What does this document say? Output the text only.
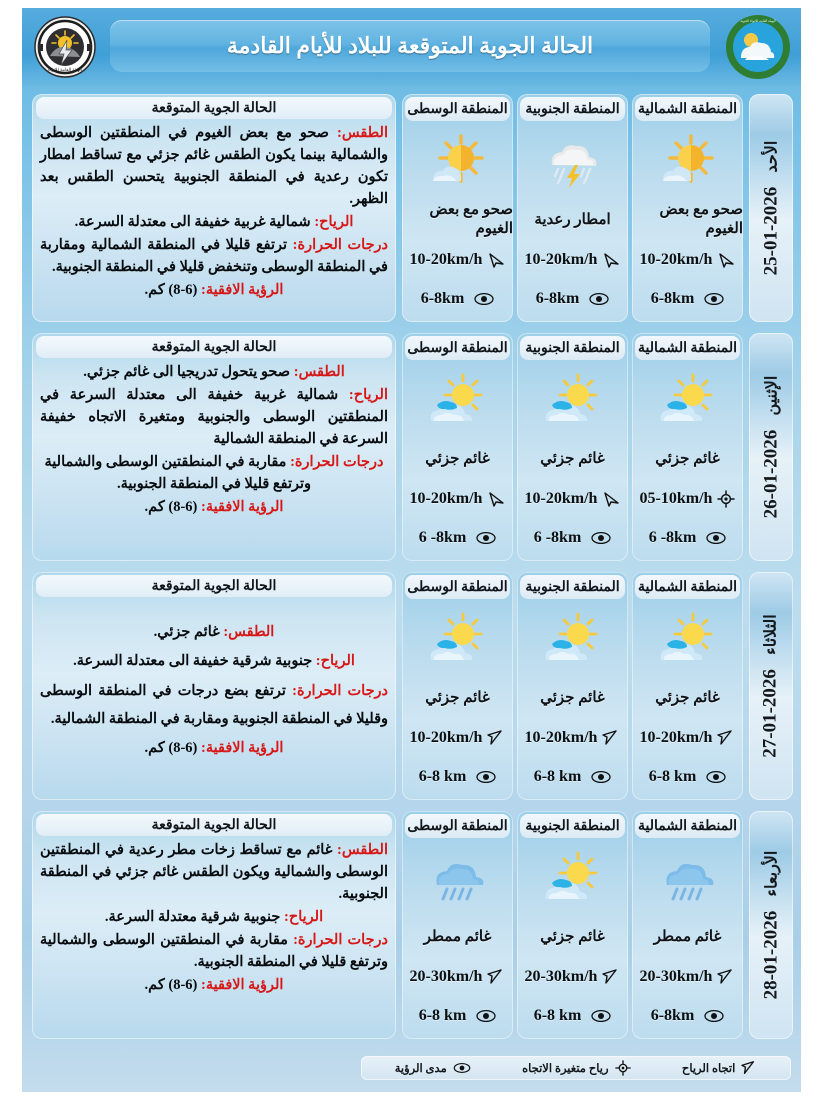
الهيئة العامة للانواء
الحالة الجوية المتوقعة للبلاد للأيام القادمة
الهيئة العامة للانواء الجوية
الأحد   2026-01-25
المنطقة الشمالية
صحو مع بعض الغيوم
10-20km/h
6-8km
المنطقة الجنوبية
امطار رعدية
10-20km/h
6-8km
المنطقة الوسطى
صحو مع بعض الغيوم
10-20km/h
6-8km
الحالة الجوية المتوقعة

الطقس: صحو مع بعض الغيوم في المنطقتين الوسطى والشمالية بينما يكون الطقس غائم جزئي مع تساقط امطار تكون رعدية في المنطقة الجنوبية يتحسن الطقس بعد الظهر.

الرياح: شمالية غربية خفيفة الى معتدلة السرعة.

درجات الحرارة: ترتفع قليلا في المنطقة الشمالية ومقاربة في المنطقة الوسطى وتنخفض قليلا في المنطقة الجنوبية.

الرؤية الافقية: (6-8) كم.

الإثنين   2026-01-26
المنطقة الشمالية
غائم جزئي
05-10km/h
6 -8km
المنطقة الجنوبية
غائم جزئي
10-20km/h
6 -8km
المنطقة الوسطى
غائم جزئي
10-20km/h
6 -8km
الحالة الجوية المتوقعة

الطقس: صحو يتحول تدريجيا الى غائم جزئي.

الرياح: شمالية غربية خفيفة الى معتدلة السرعة في المنطقتين الوسطى والجنوبية ومتغيرة الاتجاه خفيفة السرعة في المنطقة الشمالية

درجات الحرارة: مقاربة في المنطقتين الوسطى والشمالية وترتفع قليلا في المنطقة الجنوبية.

الرؤية الافقية: (6-8) كم.

الثلاثاء   2026-01-27
المنطقة الشمالية
غائم جزئي
10-20km/h
6-8 km
المنطقة الجنوبية
غائم جزئي
10-20km/h
6-8 km
المنطقة الوسطى
غائم جزئي
10-20km/h
6-8 km
الحالة الجوية المتوقعة

الطقس: غائم جزئي.

الرياح: جنوبية شرقية خفيفة الى معتدلة السرعة.

درجات الحرارة: ترتفع بضع درجات في المنطقة الوسطى وقليلا في المنطقة الجنوبية ومقاربة في المنطقة الشمالية.

الرؤية الافقية: (6-8) كم.

الأربعاء   2026-01-28
المنطقة الشمالية
غائم ممطر
20-30km/h
6-8km
المنطقة الجنوبية
غائم جزئي
20-30km/h
6-8 km
المنطقة الوسطى
غائم ممطر
20-30km/h
6-8 km
الحالة الجوية المتوقعة

الطقس: غائم مع تساقط زخات مطر رعدية في المنطقتين الوسطى والشمالية ويكون الطقس غائم جزئي في المنطقة الجنوبية.

الرياح: جنوبية شرقية معتدلة السرعة.

درجات الحرارة: مقاربة في المنطقتين الوسطى والشمالية وترتفع قليلا في المنطقة الجنوبية.

الرؤية الافقية: (6-8) كم.

اتجاه الرياح
رياح متغيرة الاتجاه
مدى الرؤية
